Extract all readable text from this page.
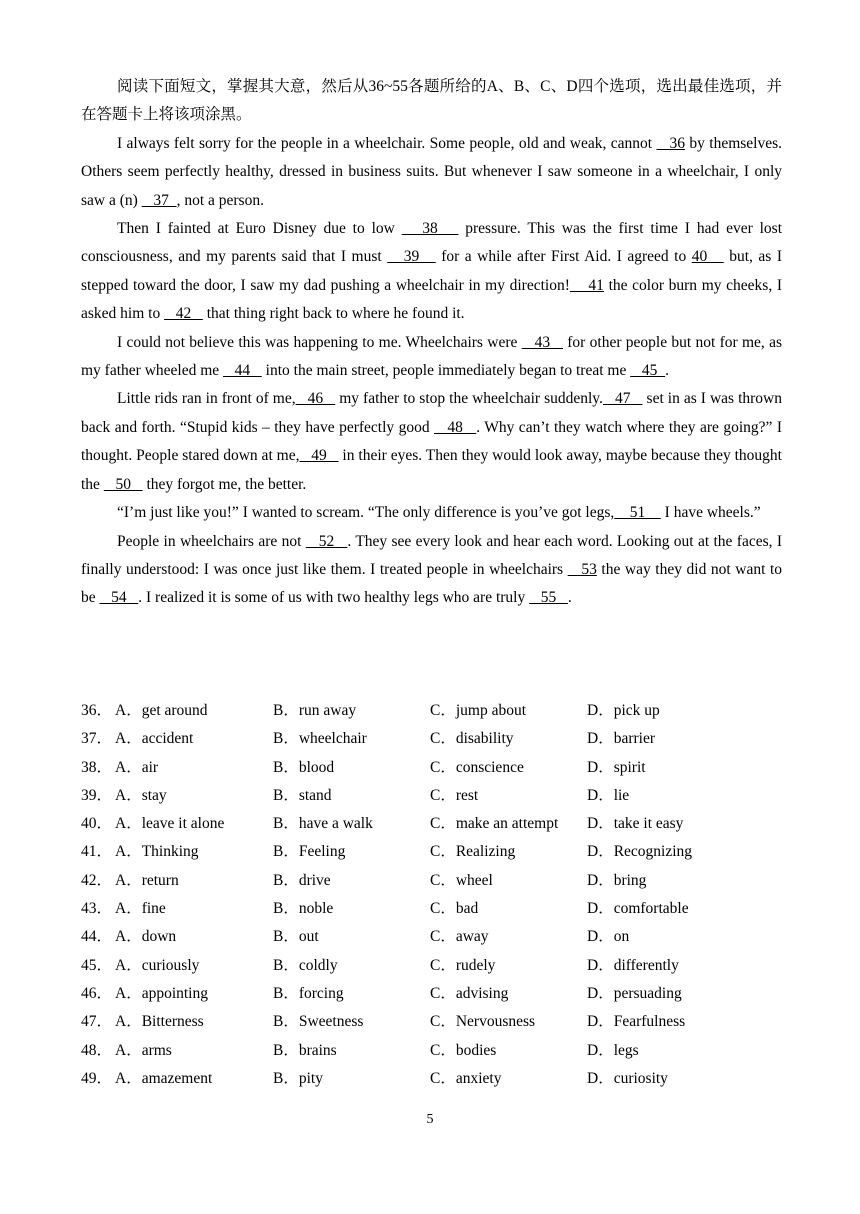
阅读下面短文，掌握其大意，然后从36~55各题所给的A、B、C、D四个选项，选出最佳选项，并在答题卡上将该项涂黑。

I always felt sorry for the people in a wheelchair. Some people, old and weak, cannot    36 by themselves. Others seem perfectly healthy, dressed in business suits. But whenever I saw someone in a wheelchair, I only saw a (n)    37  , not a person.

Then I fainted at Euro Disney due to low    38    pressure. This was the first time I had ever lost consciousness, and my parents said that I must    39    for a while after First Aid. I agreed to 40    but, as I stepped toward the door, I saw my dad pushing a wheelchair in my direction!    41 the color burn my cheeks, I asked him to    42    that thing right back to where he found it.

I could not believe this was happening to me. Wheelchairs were    43    for other people but not for me, as my father wheeled me    44    into the main street, people immediately began to treat me    45  .

Little rids ran in front of me,   46    my father to stop the wheelchair suddenly.   47    set in as I was thrown back and forth. “Stupid kids – they have perfectly good    48   . Why can’t they watch where they are going?” I thought. People stared down at me,   49    in their eyes. Then they would look away, maybe because they thought the    50    they forgot me, the better.

“I’m just like you!” I wanted to scream. “The only difference is you’ve got legs,    51     I have wheels.”

People in wheelchairs are not    52   . They see every look and hear each word. Looking out at the faces, I finally understood: I was once just like them. I treated people in wheelchairs    53 the way they did not want to be    54   . I realized it is some of us with two healthy legs who are truly    55   .

36． A．get around	B．run away	C．jump about	D．pick up
37． A．accident	B．wheelchair	C．disability	D．barrier
38． A．air	B．blood	C．conscience	D．spirit
39． A．stay	B．stand	C．rest	D．lie
40． A．leave it alone	B．have a walk	C．make an attempt	D．take it easy
41． A．Thinking	B．Feeling	C．Realizing	D．Recognizing
42． A．return	B．drive	C．wheel	D．bring
43． A．fine	B．noble	C．bad	D．comfortable
44． A．down	B．out	C．away	D．on
45． A．curiously	B．coldly	C．rudely	D．differently
46． A．appointing	B．forcing	C．advising	D．persuading
47． A．Bitterness	B．Sweetness	C．Nervousness	D．Fearfulness
48． A．arms	B．brains	C．bodies	D．legs
49． A．amazement	B．pity	C．anxiety	D．curiosity
5
